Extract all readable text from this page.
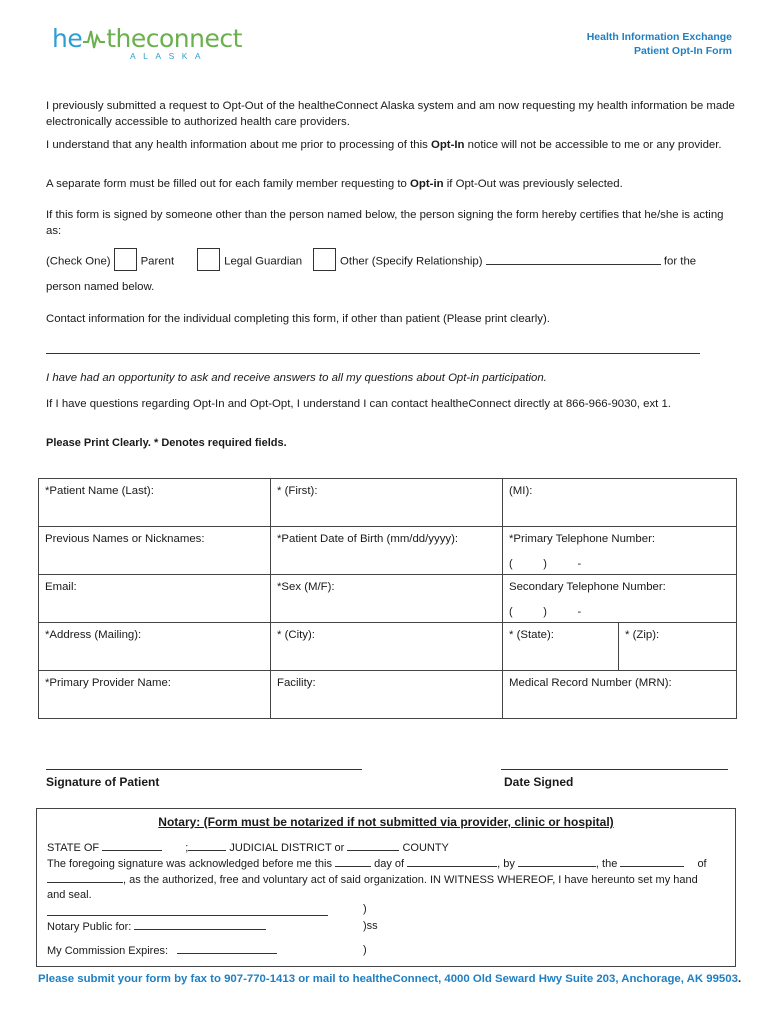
he theconnect
ALASKA
Health Information Exchange
Patient Opt-In Form
I previously submitted a request to Opt-Out of the healtheConnect Alaska system and am now requesting my health information be made electronically accessible to authorized health care providers.
I understand that any health information about me prior to processing of this Opt-In notice will not be accessible to me or any provider.
A separate form must be filled out for each family member requesting to Opt-in if Opt-Out was previously selected.
If this form is signed by someone other than the person named below, the person signing the form hereby certifies that he/she is acting as:
(Check One)	Parent	Legal Guardian	Other (Specify Relationship)	for the
person named below.
Contact information for the individual completing this form, if other than patient (Please print clearly).
I have had an opportunity to ask and receive answers to all my questions about Opt-in participation.
If I have questions regarding Opt-In and Opt-Opt, I understand I can contact healtheConnect directly at 866-966-9030, ext 1.
Please Print Clearly. * Denotes required fields.
*Patient Name (Last):	* (First):	(MI):	
Previous Names or Nicknames:	*Patient Date of Birth (mm/dd/yyyy):	*Primary Telephone Number:
(          )          -	

Email:	*Sex (M/F):	Secondary Telephone Number:
(          )          -	

*Address (Mailing):	* (City):	* (State):	* (Zip):
*Primary Provider Name:	Facility:	Medical Record Number (MRN):	
Signature of Patient	Date Signed
Notary: (Form must be notarized if not submitted via provider, clinic or hospital)
STATE OF	;	JUDICIAL DISTRICT or	COUNTY
The foregoing signature was acknowledged before me this	day of	, by	, the	of
, as the authorized, free and voluntary act of said organization. IN WITNESS WHEREOF, I have hereunto set my hand
and seal.
)
Notary Public for:	)ss
My Commission Expires:	)
Please submit your form by fax to 907-770-1413 or mail to healtheConnect, 4000 Old Seward Hwy Suite 203, Anchorage, AK 99503.
